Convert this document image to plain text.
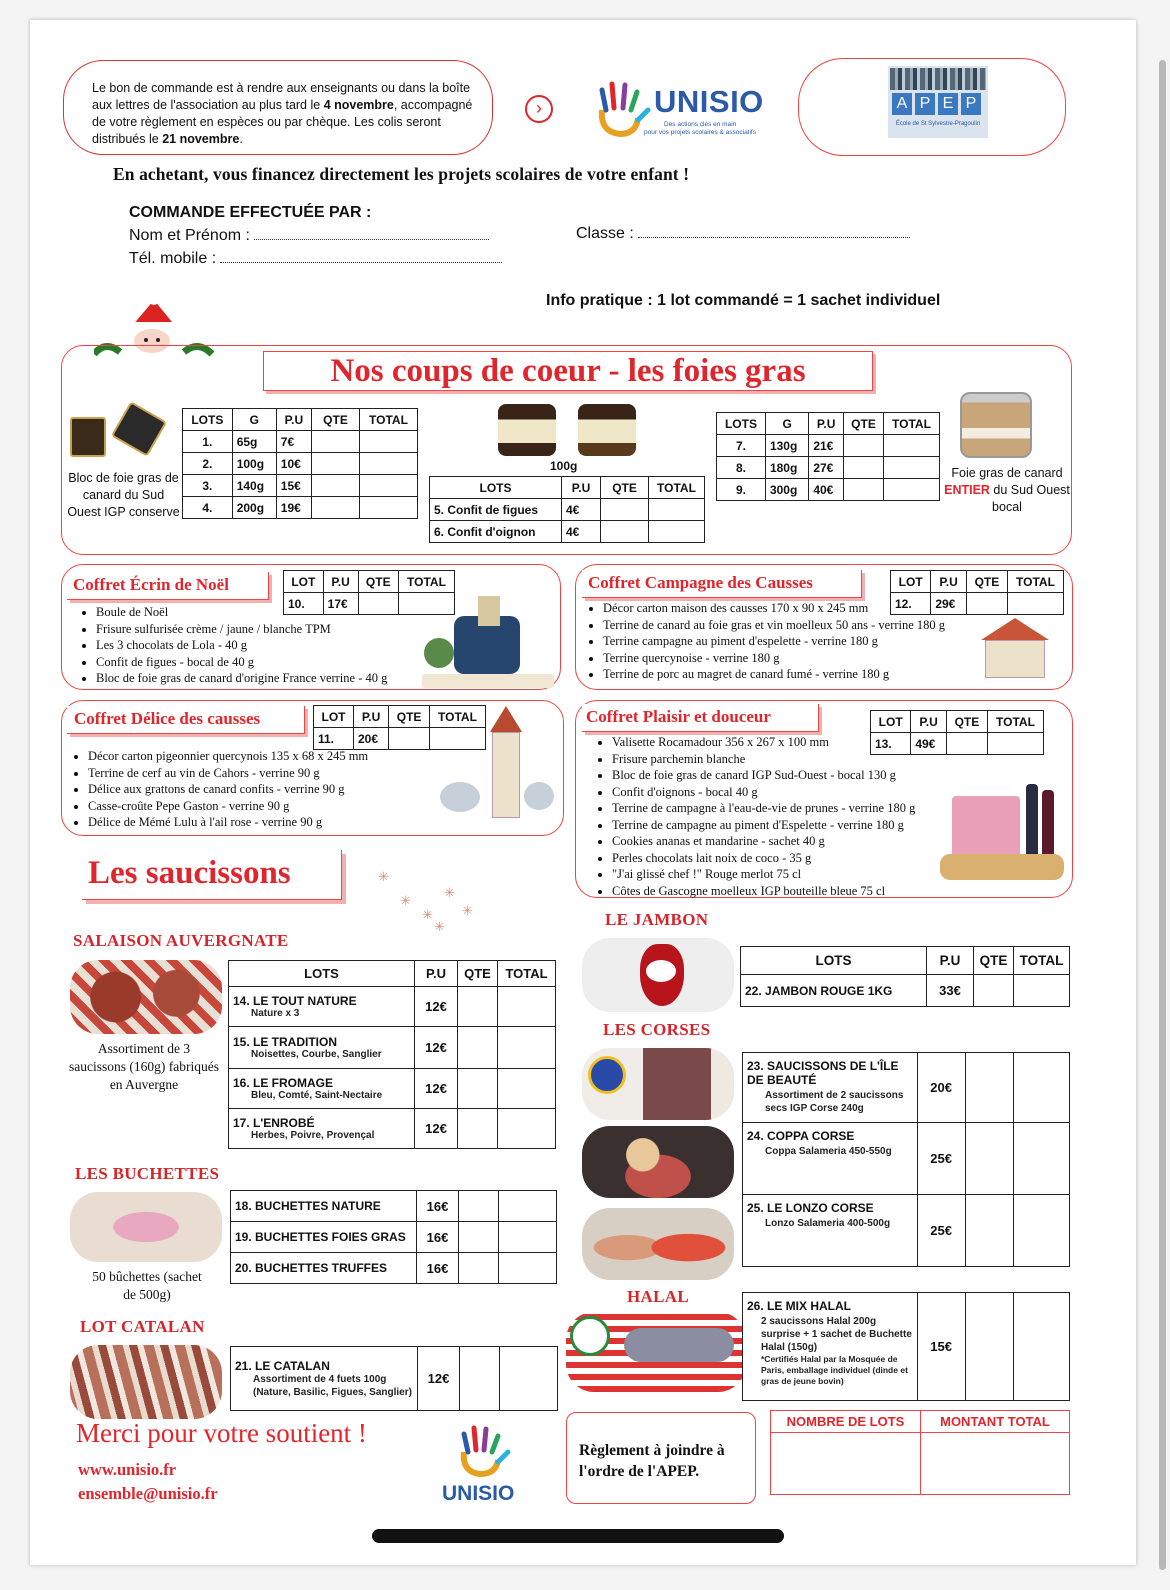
Le bon de commande est à rendre aux enseignants ou dans la boîte aux lettres de l'association au plus tard le 4 novembre, accompagné de votre règlement en espèces ou par chèque. Les colis seront distribués le 21 novembre.
›	UNISIO
Des actions clés en main
pour vos projets scolaires & associatifs
A P E P
École de St Sylvestre-Pragoulin
En achetant, vous financez directement les projets scolaires de votre enfant !
COMMANDE EFFECTUÉE PAR :
Nom et Prénom :
Tél. mobile :
Classe :
Info pratique : 1 lot commandé = 1 sachet individuel
Nos coups de coeur - les foies gras
Bloc de foie gras de canard du Sud Ouest IGP conserve
LOTS	G	P.U	QTE	TOTAL
1.	65g	7€		
2.	100g	10€		
3.	140g	15€		
4.	200g	19€		
100g
LOTS	P.U	QTE	TOTAL
5. Confit de figues	4€		
6. Confit d'oignon	4€		
LOTS	G	P.U	QTE	TOTAL
7.	130g	21€		
8.	180g	27€		
9.	300g	40€		
Foie gras de canard ENTIER du Sud Ouest bocal
Coffret Écrin de Noël	LOT	P.U	QTE	TOTAL
10.	17€		
• Boule de Noël
• Frisure sulfurisée crème / jaune / blanche TPM
• Les 3 chocolats de Lola - 40 g
• Confit de figues - bocal de 40 g
• Bloc de foie gras de canard d'origine France verrine - 40 g
Coffret Campagne des Causses	LOT	P.U	QTE	TOTAL
12.	29€		
• Décor carton maison des causses 170 x 90 x 245 mm
• Terrine de canard au foie gras et vin moelleux 50 ans - verrine 180 g
• Terrine campagne au piment d'espelette - verrine 180 g
• Terrine quercynoise - verrine 180 g
• Terrine de porc au magret de canard fumé - verrine 180 g
Coffret Délice des causses	LOT	P.U	QTE	TOTAL
11.	20€		
• Décor carton pigeonnier quercynois 135 x 68 x 245 mm
• Terrine de cerf au vin de Cahors - verrine 90 g
• Délice aux grattons de canard confits - verrine 90 g
• Casse-croûte Pepe Gaston - verrine 90 g
• Délice de Mémé Lulu à l'ail rose - verrine 90 g
Coffret Plaisir et douceur	LOT	P.U	QTE	TOTAL
13.	49€		
• Valisette Rocamadour 356 x 267 x 100 mm
• Frisure parchemin blanche
• Bloc de foie gras de canard IGP Sud-Ouest - bocal 130 g
• Confit d'oignons - bocal 40 g
• Terrine de campagne à l'eau-de-vie de prunes - verrine 180 g
• Terrine de campagne au piment d'Espelette - verrine 180 g
• Cookies ananas et mandarine - sachet 40 g
• Perles chocolats lait noix de coco - 35 g
• "J'ai glissé chef !" Rouge merlot 75 cl
• Côtes de Gascogne moelleux IGP bouteille bleue 75 cl
Les saucissons	✳
✳
✳
✳
✳
✳
SALAISON AUVERGNATE
Assortiment de 3 saucissons (160g) fabriqués en Auvergne
LOTS	P.U	QTE	TOTAL
14. LE TOUT NATURE
Nature x 3	12€		
15. LE TRADITION
Noisettes, Courbe, Sanglier	12€		
16. LE FROMAGE
Bleu, Comté, Saint-Nectaire	12€		
17. L'ENROBÉ
Herbes, Poivre, Provençal	12€		
LES BUCHETTES
50 bûchettes (sachet de 500g)
18. BUCHETTES NATURE	16€		
19. BUCHETTES FOIES GRAS	16€		
20. BUCHETTES TRUFFES	16€		
LOT CATALAN
21. LE CATALAN
Assortiment de 4 fuets 100g (Nature, Basilic, Figues, Sanglier)
	12€		
LE JAMBON
LOTS	P.U	QTE	TOTAL
22. JAMBON ROUGE 1KG	33€		
LES CORSES
23. SAUCISSONS DE L'ÎLE DE BEAUTÉ
Assortiment de 2 saucissons secs IGP Corse 240g	20€		
24. COPPA CORSE
Coppa Salameria 450-550g	25€		
25. LE LONZO CORSE
Lonzo Salameria 400-500g	25€		
HALAL	26. LE MIX HALAL
2 saucissons Halal 200g surprise + 1 sachet de Buchette Halal (150g)
*Certifiés Halal par la Mosquée de Paris, emballage individuel (dinde et gras de jeune bovin)
	15€		
Merci pour votre soutient !
www.unisio.fr
ensemble@unisio.fr	UNISIO
Règlement à joindre à l'ordre de l'APEP.
NOMBRE DE LOTS	MONTANT TOTAL
